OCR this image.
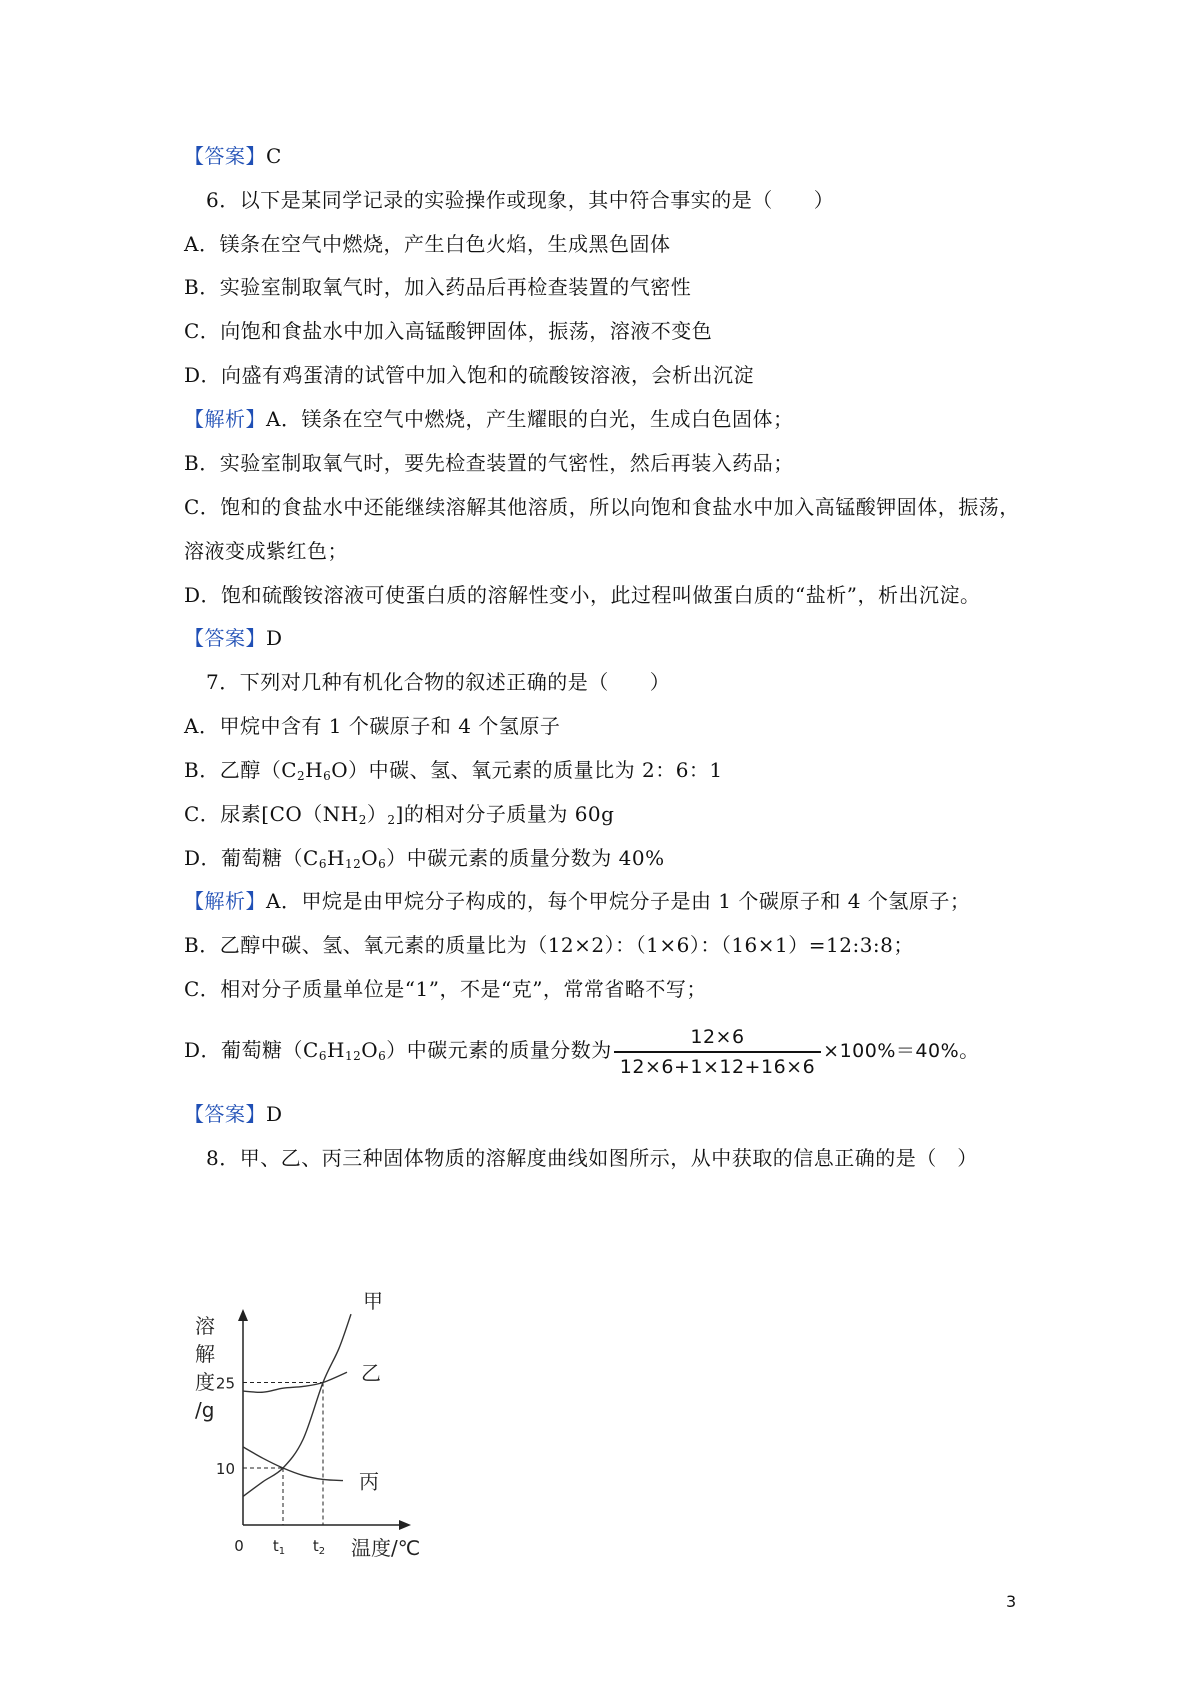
【答案】C
6．以下是某同学记录的实验操作或现象，其中符合事实的是（　　）
A．镁条在空气中燃烧，产生白色火焰，生成黑色固体
B．实验室制取氧气时，加入药品后再检查装置的气密性
C．向饱和食盐水中加入高锰酸钾固体，振荡，溶液不变色
D．向盛有鸡蛋清的试管中加入饱和的硫酸铵溶液，会析出沉淀
【解析】A．镁条在空气中燃烧，产生耀眼的白光，生成白色固体；
B．实验室制取氧气时，要先检查装置的气密性，然后再装入药品；
C．饱和的食盐水中还能继续溶解其他溶质，所以向饱和食盐水中加入高锰酸钾固体，振荡，
溶液变成紫红色；
D．饱和硫酸铵溶液可使蛋白质的溶解性变小，此过程叫做蛋白质的“盐析”，析出沉淀。
【答案】D
7．下列对几种有机化合物的叙述正确的是（　　）
A．甲烷中含有 1 个碳原子和 4 个氢原子
B．乙醇$(C_2H_6O)$中碳、氢、氧元素的质量比为 2：6：1
C．尿素$[CO(NH_2)_2]$的相对分子质量为 60g
D．葡萄糖$(C_6H_{12}O_6)$中碳元素的质量分数为 40%
【解析】A．甲烷是由甲烷分子构成的，每个甲烷分子是由 1 个碳原子和 4 个氢原子；
B．乙醇中碳、氢、氧元素的质量比为（12×2）：（1×6）：（16×1）=12:3:8；
C．相对分子质量单位是“1”，不是“克”，常常省略不写；
D．葡萄糖$(C_6H_{12}O_6)$中碳元素的质量分数为 $\frac{12\times 6}{12\times 6+1\times 12+16\times 6} \times 100\%=40\%$。
【答案】D
8．甲、乙、丙三种固体物质的溶解度曲线如图所示，从中获取的信息正确的是（　）
溶
解
度
/g
0	温度/℃
$t_1$ $t_2$
10
25
甲
乙
丙
3
